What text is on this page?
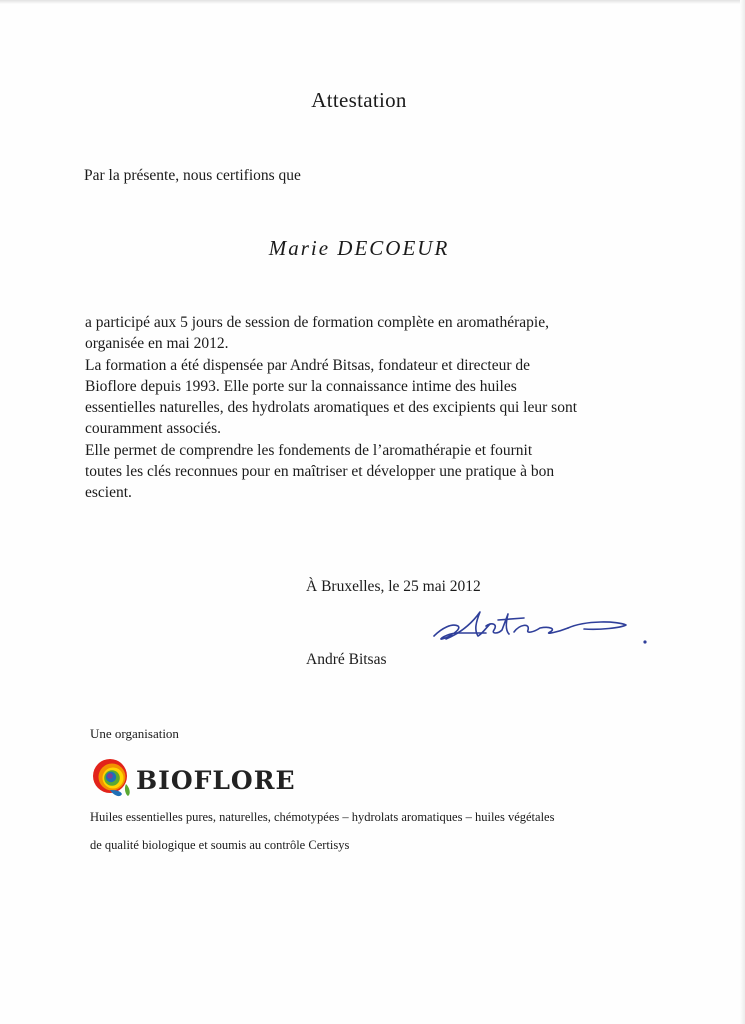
Attestation
Par la présente, nous certifions que
Marie DECOEUR

a participé aux 5 jours de session de formation complète en aromathérapie,

organisée en mai 2012.

La formation a été dispensée par André Bitsas, fondateur et directeur de

Bioflore depuis 1993. Elle porte sur la connaissance intime des huiles

essentielles naturelles, des hydrolats aromatiques et des excipients qui leur sont

couramment associés.

Elle permet de comprendre les fondements de l’aromathérapie et fournit

toutes les clés reconnues pour en maîtriser et développer une pratique à bon

escient.

À Bruxelles, le 25 mai 2012
André Bitsas
Une organisation
BIOFLORE
Huiles essentielles pures, naturelles, chémotypées – hydrolats aromatiques – huiles végétales
de qualité biologique et soumis au contrôle Certisys
